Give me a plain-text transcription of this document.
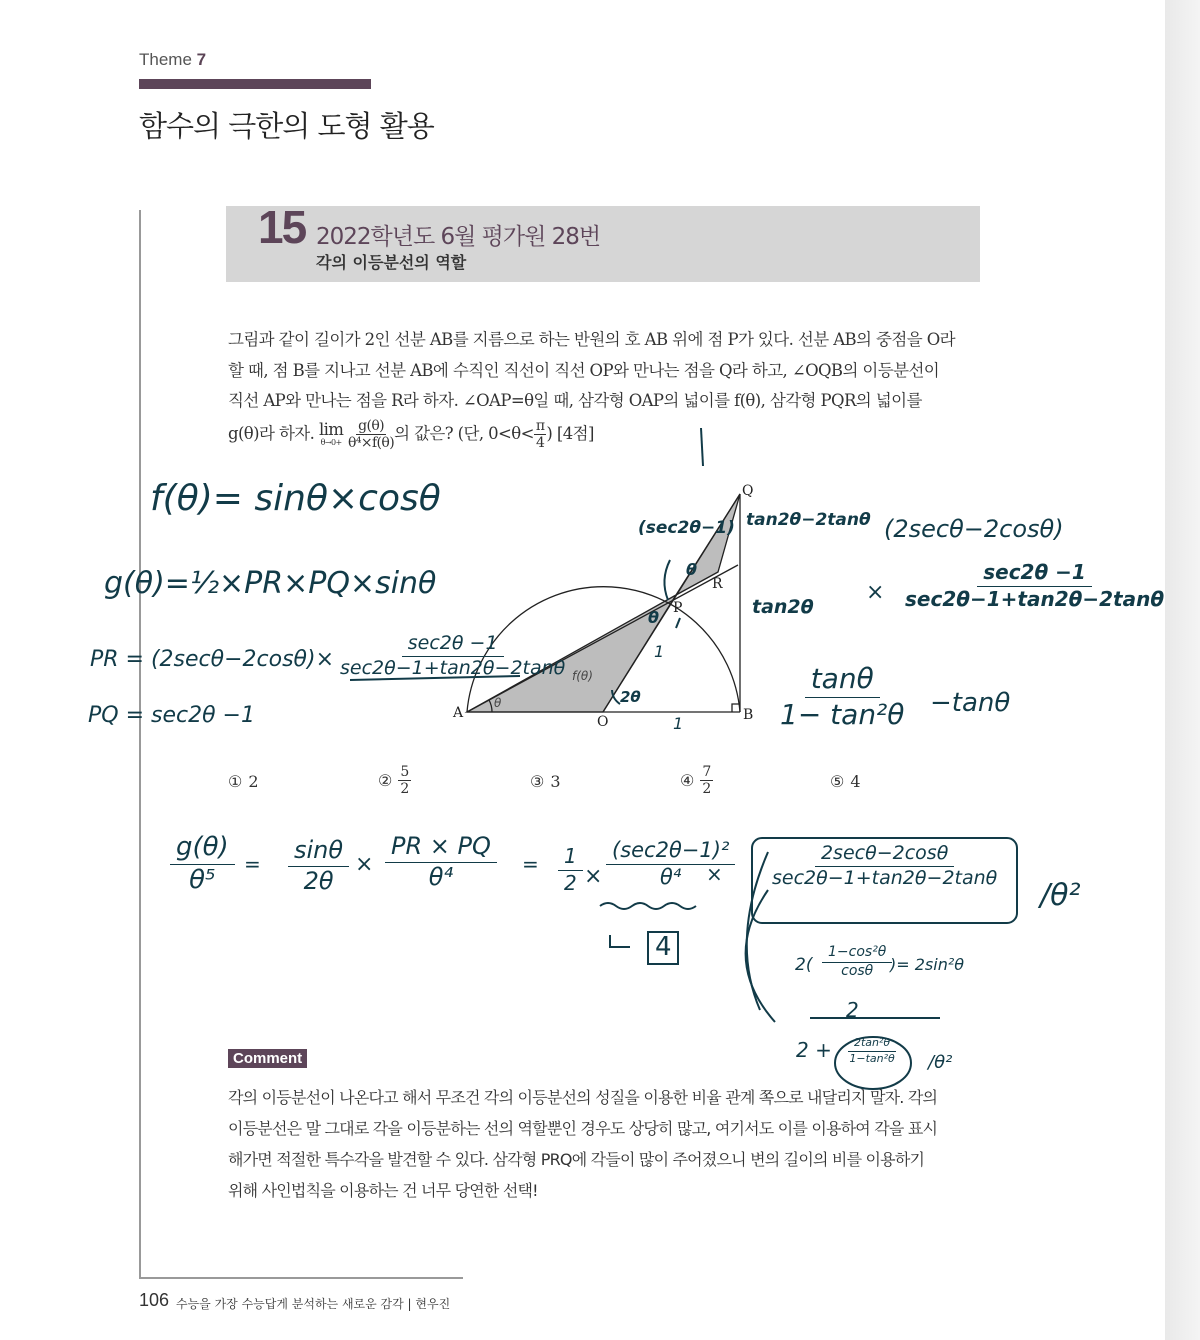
Theme 7
함수의 극한의 도형 활용
15 2022학년도 6월 평가원 28번
각의 이등분선의 역할
그림과 같이 길이가 2인 선분 AB를 지름으로 하는 반원의 호 AB 위에 점 P가 있다. 선분 AB의 중점을 O라
할 때, 점 B를 지나고 선분 AB에 수직인 직선이 직선 OP와 만나는 점을 Q라 하고, ∠OQB의 이등분선이
직선 AP와 만나는 점을 R라 하자. ∠OAP=θ일 때, 삼각형 OAP의 넓이를 f(θ), 삼각형 PQR의 넓이를
g(θ)라 하자. lim
θ→0+
$\frac{g(\theta)}{\text{θ⁴×f(θ)}}$ 의 값은? (단, $0<\theta< \frac{\pi}{4}$ ) [4점]
A
O	B
P
Q
R
θ
f(θ)
f(θ)= sinθ×cosθ
g(θ)=½×PR×PQ×sinθ
PR = (2secθ−2cosθ)×
sec2θ −1
sec2θ−1+tan2θ−2tanθ
PQ = sec2θ −1
(sec2θ−1) tan2θ−2tanθ
tan2θ
θ
θ
1
1
2θ
(2secθ−2cosθ)
×
sec2θ −1
sec2θ−1+tan2θ−2tanθ
$\frac{\tan\theta}{\text{1− tan²θ}} -\tan\theta$
① 2	② $\frac{5}{2}$	③ 3	④ $\frac{7}{2}$	⑤ 4
$\frac{g(\theta)}{\text{θ⁵}} = \frac{\sin\theta}{2\theta} \times \frac{PR \times PQ}{\text{θ⁴}} = \frac{1}{2}$ ×
(sec2θ−1)²
θ⁴ ×
4
2secθ−2cosθ
sec2θ−1+tan2θ−2tanθ /θ²
$2( \frac{\text{1−cos²θ}}{\cos\theta}$
)= 2sin²θ
2
$2 + \frac{\text{2tan²θ}}{\text{1−tan²θ}} /\theta^2$
Comment
각의 이등분선이 나온다고 해서 무조건 각의 이등분선의 성질을 이용한 비율 관계 쪽으로 내달리지 말자. 각의
이등분선은 말 그대로 각을 이등분하는 선의 역할뿐인 경우도 상당히 많고, 여기서도 이를 이용하여 각을 표시
해가면 적절한 특수각을 발견할 수 있다. 삼각형 PRQ에 각들이 많이 주어졌으니 변의 길이의 비를 이용하기
위해 사인법칙을 이용하는 건 너무 당연한 선택!
106 수능을 가장 수능답게 분석하는 새로운 감각 | 현우진
